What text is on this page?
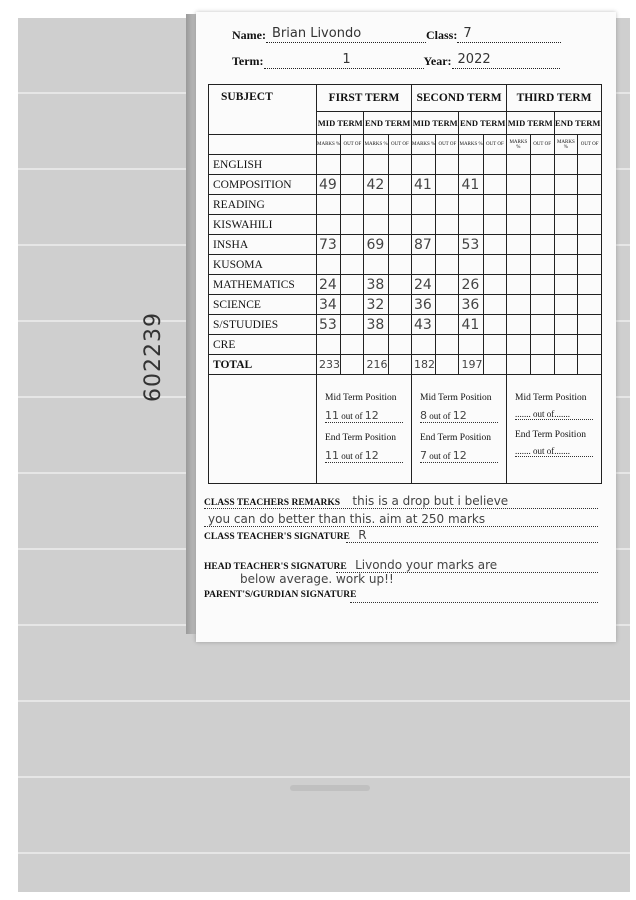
602239
Name: Brian Livondo	Class: 7
Term:	1	Year: 2022
SUBJECT	FIRST TERM				SECOND TERM				THIRD TERM			
	MID TERM		END TERM		MID TERM		END TERM		MID TERM		END TERM	
	MARKS %	OUT OF	MARKS %	OUT OF	MARKS %	OUT OF	MARKS %	OUT OF	MARKS %	OUT OF	MARKS %	OUT OF
ENGLISH												
COMPOSITION	49		42		41		41					
READING												
KISWAHILI												
INSHA	73		69		87		53					
KUSOMA												
MATHEMATICS	24		38		24		26					
SCIENCE	34		32		36		36					
S/STUUDIES	53		38		43		41					
CRE												
TOTAL	233		216		182		197					

	Mid Term Position
11 out of 12
End Term Position
11 out of 12				Mid Term Position
8 out of 12
End Term Position
7 out of 12				Mid Term Position
....... out of.......
End Term Position
....... out of.......			
CLASS TEACHERS REMARKS this is a drop but i believe
you can do better than this. aim at 250 marks
CLASS TEACHER'S SIGNATURE R
HEAD TEACHER'S SIGNATURE Livondo your marks are
below average. work up!!
PARENT'S/GURDIAN SIGNATURE
